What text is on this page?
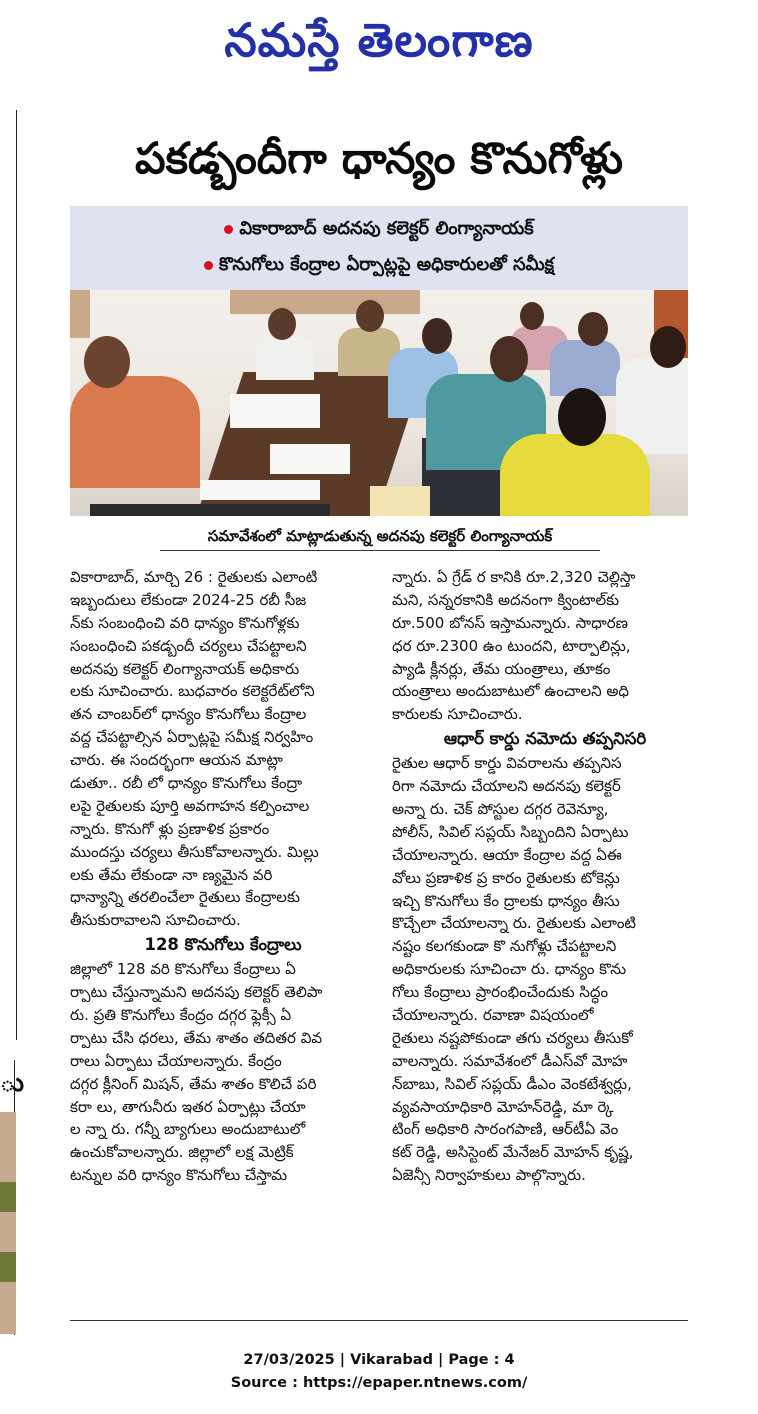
నమస్తే తెలంగాణ
ు
పకడ్బందీగా ధాన్యం కొనుగోళ్లు
వికారాబాద్ అదనపు కలెక్టర్ లింగ్యానాయక్
కొనుగోలు కేంద్రాల ఏర్పాట్లపై అధికారులతో సమీక్ష
సమావేశంలో మాట్లాడుతున్న అదనపు కలెక్టర్ లింగ్యానాయక్
వికారాబాద్, మార్చి 26 : రైతులకు ఎలాంటి
ఇబ్బందులు లేకుండా 2024-25 రబీ సీజ
న్‌కు సంబంధించి వరి ధాన్యం కొనుగోళ్లకు
సంబంధించి పకడ్బందీ చర్యలు చేపట్టాలని
అదనపు కలెక్టర్ లింగ్యానాయక్ అధికారు
లకు సూచించారు. బుధవారం కలెక్టరేట్‌లోని
తన చాంబర్‌లో ధాన్యం కొనుగోలు కేంద్రాల
వద్ద చేపట్టాల్సిన ఏర్పాట్లపై సమీక్ష నిర్వహిం
చారు. ఈ సందర్భంగా ఆయన మాట్లా
డుతూ.. రబీ లో ధాన్యం కొనుగోలు కేంద్రా
లపై రైతులకు పూర్తి అవగాహన కల్పించాల
న్నారు. కొనుగో ళ్లు ప్రణాళిక ప్రకారం
ముందస్తు చర్యలు తీసుకోవాలన్నారు. మిల్లు
లకు తేమ లేకుండా నా ణ్యమైన వరి
ధాన్యాన్ని తరలించేలా రైతులు కేంద్రాలకు
తీసుకురావాలని సూచించారు.
128 కొనుగోలు కేంద్రాలు
జిల్లాలో 128 వరి కొనుగోలు కేంద్రాలు ఏ
ర్పాటు చేస్తున్నామని అదనపు కలెక్టర్ తెలిపా
రు. ప్రతి కొనుగోలు కేంద్రం దగ్గర ఫ్లెక్సీ ఏ
ర్పాటు చేసి ధరలు, తేమ శాతం తదితర వివ
రాలు ఏర్పాటు చేయాలన్నారు. కేంద్రం
దగ్గర క్లీనింగ్ మిషన్, తేమ శాతం కొలిచే పరి
కరా లు, తాగునీరు ఇతర ఏర్పాట్లు చేయా
ల న్నా రు. గన్నీ బ్యాగులు అందుబాటులో
ఉంచుకోవాలన్నారు. జిల్లాలో లక్ష మెట్రిక్
టన్నుల వరి ధాన్యం కొనుగోలు చేస్తామ
న్నారు. ఏ గ్రేడ్ ర కానికి రూ.2,320 చెల్లిస్తా
మని, సన్నరకానికి అదనంగా క్వింటాల్‌కు
రూ.500 బోనస్ ఇస్తామన్నారు. సాధారణ
ధర రూ.2300 ఉం టుందని, టార్పాలిన్లు,
ప్యాడి క్లీనర్లు, తేమ యంత్రాలు, తూకం
యంత్రాలు అందుబాటులో ఉంచాలని అధి
కారులకు సూచించారు.
ఆధార్ కార్డు నమోదు తప్పనిసరి
రైతుల ఆధార్ కార్డు వివరాలను తప్పనిస
రిగా నమోదు చేయాలని అదనపు కలెక్టర్
అన్నా రు. చెక్ పోస్టుల దగ్గర రెవెన్యూ,
పోలీస్, సివిల్ సప్లయ్ సిబ్బందిని ఏర్పాటు
చేయాలన్నారు. ఆయా కేంద్రాల వద్ద ఏఈ
వోలు ప్రణాళిక ప్ర కారం రైతులకు టోకెన్లు
ఇచ్చి కొనుగోలు కేం ద్రాలకు ధాన్యం తీసు
కొచ్చేలా చేయాలన్నా రు. రైతులకు ఎలాంటి
నష్టం కలగకుండా కొ నుగోళ్లు చేపట్టాలని
అధికారులకు సూచించా రు. ధాన్యం కొను
గోలు కేంద్రాలు ప్రారంభించేందుకు సిద్ధం
చేయాలన్నారు. రవాణా విషయంలో
రైతులు నష్టపోకుండా తగు చర్యలు తీసుకో
వాలన్నారు. సమావేశంలో డీఎస్‌వో మోహ
న్‌బాబు, సివిల్ సప్లయ్ డీఎం వెంకటేశ్వర్లు,
వ్యవసాయాధికారి మోహన్‌రెడ్డి, మా ర్కె
టింగ్ అధికారి సారంగపాణి, ఆర్‌టీఏ వెం
కట్ రెడ్డి, అసిస్టెంట్ మేనేజర్ మోహన్ కృష్ణ,
ఏజెన్సీ నిర్వాహకులు పాల్గొన్నారు.
27/03/2025 | Vikarabad | Page : 4
Source : https://epaper.ntnews.com/
